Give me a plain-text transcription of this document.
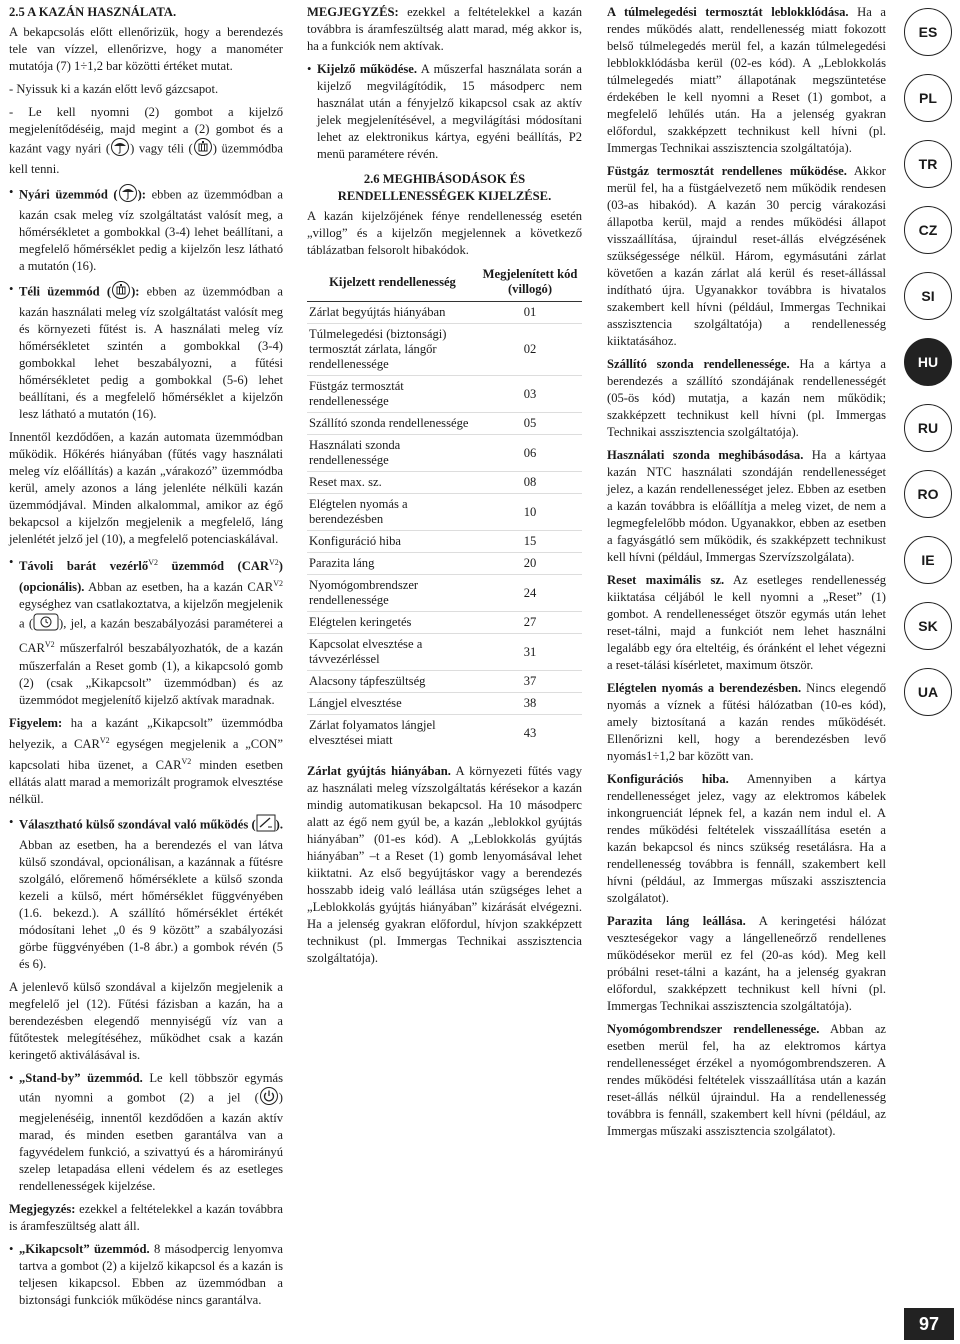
2.5 A KAZÁN HASZNÁLATA.

A bekapcsolás előtt ellenőrizük, hogy a berendezés tele van vízzel, ellenőrizve, hogy a manométer mutatója (7) 1÷1,2 bar közötti értéket mutat.

- Nyissuk ki a kazán előtt levő gázcsapot.

- Le kell nyomni (2) gombot a kijelző megjelenítődéséig, majd megint a (2) gombot és a kazánt vagy nyári ( ) vagy téli ( ) üzemmódba kell tenni.

• Nyári üzemmód ( ): ebben az üzemmódban a kazán csak meleg víz szolgáltatást valósít meg, a hőmérsékletet a gombokkal (3-4) lehet beállítani, a megfelelő hőmérséklet pedig a kijelzőn lesz látható a mutatón (16).

• Téli üzemmód ( ): ebben az üzemmódban a kazán használati meleg víz szolgáltatást valósít meg és környezeti fűtést is. A használati meleg víz hőmérsékletet szintén a gombokkal (3-4) gombokkal lehet beszabályozni, a fűtési hőmérsékletet pedig a gombokkal (5-6) lehet beállítani, és a megfelelő hőmérséklet a kijelzőn lesz látható a mutatón (16).

Innentől kezdődően, a kazán automata üzemmódban működik. Hőkérés hiányában (fűtés vagy használati meleg víz előállítás) a kazán „várakozó” üzemmódba kerül, amely azonos a láng jelenléte nélküli kazán üzemmódjával. Minden alkalommal, amikor az égő bekapcsol a kijelzőn megjelenik a megfelelő, láng jelenlétét jelző jel (10), a megfelelő potenciaskálával.

• Távoli barát vezérlő$^{V2}$ üzemmód $(CAR^{V2})$ (opcionális). Abban az esetben, ha a kazán $CAR^{V2}$ egységhez van csatlakoztatva, a kijelzőn megjelenik a ( ), jel, a kazán beszabályozási paraméterei a $CAR^{V2}$ műszerfalról beszabályozhatók, de a kazán műszerfalán a Reset gomb (1), a kikapcsoló gomb (2) (csak „Kikapcsolt” üzemmódban) és az üzemmódot megjelenítő kijelző aktívak maradnak.

Figyelem: ha a kazánt „Kikapcsolt” üzemmódba helyezik, a $CAR^{V2}$ egységen megjelenik a „CON” kapcsolati hiba üzenet, a $CAR^{V2}$ minden esetben ellátás alatt marad a memorizált programok elvesztése nélkül.

• Választható külső szondával való működés ( ). Abban az esetben, ha a berendezés el van látva külső szondával, opcionálisan, a kazánnak a fűtésre szolgáló, előremenő hőmérséklete a külső szonda kezeli a külső, mért hőmérséklet függvényében (1.6. bekezd.). A szállító hőmérséklet értékét módosítani lehet „0 és 9 között” a szabályozási görbe függvényében (1-8 ábr.) a gombok révén (5 és 6).

A jelenlevő külső szondával a kijelzőn megjelenik a megfelelő jel (12). Fűtési fázisban a kazán, ha a berendezésben elegendő mennyiségű víz van a fűtőtestek melegítéséhez, működhet csak a kazán keringető aktiválásával is.

• „Stand-by” üzemmód. Le kell többször egymás után nyomni a gombot (2) a jel ( ) megjelenéséig, innentől kezdődően a kazán aktív marad, és minden esetben garantálva van a fagyvédelem funkció, a szivattyú és a háromirányú szelep letapadása elleni védelem és az esetleges rendellenességek kijelzése.

Megjegyzés: ezekkel a feltételekkel a kazán továbbra is áramfeszültség alatt áll.

• „Kikapcsolt” üzemmód. 8 másodpercig lenyomva tartva a gombot (2) a kijelző kikapcsol és a kazán is teljesen kikapcsol. Ebben az üzemmódban a biztonsági funkciók működése nincs garantálva.

MEGJEGYZÉS: ezekkel a feltételekkel a kazán továbbra is áramfeszültség alatt marad, még akkor is, ha a funkciók nem aktívak.

• Kijelző működése. A műszerfal használata során a kijelző megvilágítódik, 15 másodperc nem használat után a fényjelző kikapcsol csak az aktív jelek megjelenítésével, a megvilágítási módosítani lehet az elektronikus kártya, egyéni beállítás, P2 menü paramétere révén.

2.6 MEGHIBÁSODÁSOK ÉS
RENDELLENESSÉGEK KIJELZÉSE.

A kazán kijelzőjének fénye rendellenesség esetén „villog” és a kijelzőn megjelennek a következő táblázatban felsorolt hibakódok.

Kijelzett rendellenesség	Megjelenített kód (villogó)
Zárlat begyújtás hiányában	01
Túlmelegedési (biztonsági) termosztát zárlata, lángőr rendellenessége	02
Füstgáz termosztát rendellenessége	03
Szállító szonda rendellenessége	05
Használati szonda rendellenessége	06
Reset max. sz.	08
Elégtelen nyomás a berendezésben	10
Konfiguráció hiba	15
Parazita láng	20
Nyomógombrendszer rendellenessége	24
Elégtelen keringetés	27
Kapcsolat elvesztése a távvezérléssel	31
Alacsony tápfeszültség	37
Lángjel elvesztése	38
Zárlat folyamatos lángjel elvesztései miatt	43

Zárlat gyújtás hiányában. A környezeti fűtés vagy az használati meleg vízszolgáltatás kérésekor a kazán mindig automatikusan bekapcsol. Ha 10 másodperc alatt az égő nem gyúl be, a kazán „leblokkol gyújtás hiányában” (01-es kód). A „Leblokkolás gyújtás hiányában” –t a Reset (1) gomb lenyomásával lehet kiiktatni. Az első begyújtáskor vagy a berendezés hosszabb ideig való leállása után szügséges lehet a „Leblokkolás gyújtás hiányában” kizárását elvégezni. Ha a jelenség gyakran előfordul, hívjon szakképzett technikust (pl. Immergas Technikai asszisztencia szolgáltatója).

A túlmelegedési termosztát leblokklódása. Ha a rendes működés alatt, rendellenesség miatt fokozott belső túlmelegedés merül fel, a kazán túlmelegedési lebblokklódásba kerül (02-es kód). A „Leblokkolás túlmelegedés miatt” állapotának megszüntetése érdekében le kell nyomni a Reset (1) gombot, a megfelelő lehűlés után. Ha a jelenség gyakran előfordul, szakképzett technikust kell hívni (pl. Immergas Technikai asszisztencia szolgáltatója).

Füstgáz termosztát rendellenes működése. Akkor merül fel, ha a füstgáelvezető nem működik rendesen (03-as hibakód). A kazán 30 percig várakozási állapotba kerül, majd a rendes működési állapot visszaállítása, újraindul reset-állás elvégzésének szükségessége nélkül. Három, egymásutáni zárlat követően a kazán zárlat alá kerül és reset-állással indítható újra. Ugyanakkor továbbra is hivatalos szakembert kell hívni (például, Immergas Technikai asszisztencia szolgáltatója) a rendellenesség kiiktatásához.

Szállító szonda rendellenessége. Ha a kártya a berendezés a szállító szondájának rendellenességét (05-ös kód) mutatja, a kazán nem működik; szakképzett technikust kell hívni (pl. Immergas Technikai asszisztencia szolgáltatója).

Használati szonda meghibásodása. Ha a kártyaa kazán NTC használati szondáján rendellenességet jelez, a kazán rendellenességet jelez. Ebben az esetben a kazán továbbra is előállítja a meleg vizet, de nem a legmegfelelőbb módon. Ugyanakkor, ebben az esetben a fagyásgátló sem működik, és szakképzett technikust kell hívni (például, Immergas Szervízszolgálata).

Reset maximális sz. Az esetleges rendellenesség kiiktatása céljából le kell nyomni a „Reset” (1) gombot. A rendellenességet ötször egymás után lehet reset-tálni, majd a funkciót nem lehet használni legalább egy óra elteltéig, és óránként el lehet végezni a reset-tálási kísérletet, maximum ötször.

Elégtelen nyomás a berendezésben. Nincs elegendő nyomás a víznek a fűtési hálózatban (10-es kód), amely biztosítaná a kazán rendes működését. Ellenőrizni kell, hogy a berendezésben levő nyomás1÷1,2 bar között van.

Konfigurációs hiba. Amennyiben a kártya rendellenességet jelez, vagy az elektromos kábelek inkongruenciát lépnek fel, a kazán nem indul el. A rendes működési feltételek visszaállítása esetén a kazán bekapcsol és nincs szükség resetálásra. Ha a rendellenesség továbbra is fennáll, szakembert kell hívni (például, az Immergas műszaki asszisztencia szolgálatot).

Parazita láng leállása. A keringetési hálózat veszteségekor vagy a lángelleneőrző rendellenes működésekor merül ez fel (20-as kód). Meg kell próbálni reset-tálni a kazánt, ha a jelenség gyakran előfordul, szakképzett technikust kell hívni (pl. Immergas Technikai asszisztencia szolgáltatója).

Nyomógombrendszer rendellenessége. Abban az esetben merül fel, ha az elektromos kártya rendellenességet érzékel a nyomógombrendszeren. A rendes működési feltételek visszaállítása után a kazán reset-állás nélkül újraindul. Ha a rendellenesség továbbra is fennáll, szakembert kell hívni (például, az Immergas műszaki asszisztencia szolgálatot).

ES
PL
TR
CZ
SI
HU
RU
RO
IE
SK
UA
97
